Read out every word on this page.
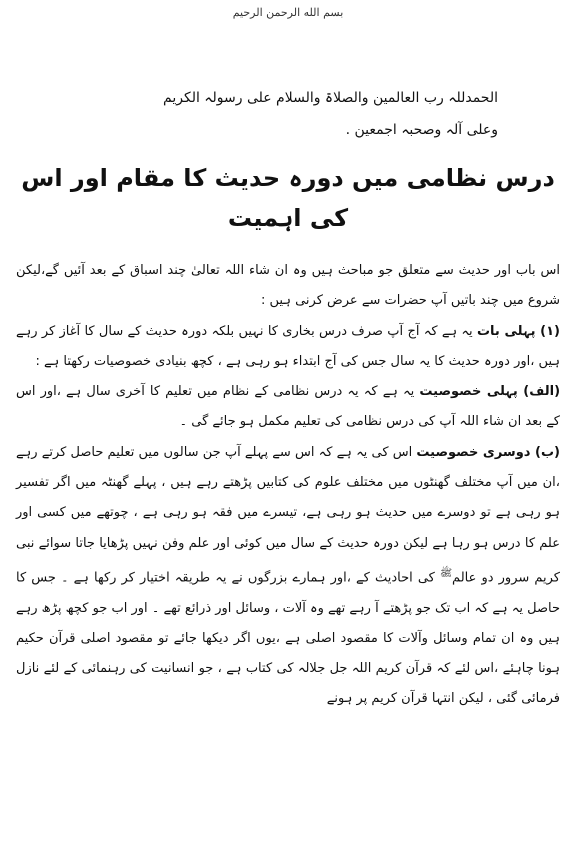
بسم الله الرحمن الرحيم
الحمدللہ رب العالمین والصلاۃ والسلام علی رسولہ الکریم
وعلی آلہ وصحبہ اجمعین .
درس نظامی میں دورہ حدیث کا مقام اور اس کی اہمیت

اس باب اور حدیث سے متعلق جو مباحث ہیں وہ ان شاء اللہ تعالیٰ چند اسباق کے بعد آئیں گے،لیکن شروع میں چند باتیں آپ حضرات سے عرض کرنی ہیں :

(۱) پہلی بات یہ ہے کہ آج آپ صرف درس بخاری کا نہیں بلکہ دورہ حدیث کے سال کا آغاز کر رہے ہیں ،اور دورہ حدیث کا یہ سال جس کی آج ابتداء ہو رہی ہے ، کچھ بنیادی خصوصیات رکھتا ہے :

(الف) پہلی خصوصیت یہ ہے کہ یہ درس نظامی کے نظام میں تعلیم کا آخری سال ہے ،اور اس کے بعد ان شاء اللہ آپ کی درس نظامی کی تعلیم مکمل ہو جائے گی ۔

(ب) دوسری خصوصیت اس کی یہ ہے کہ اس سے پہلے آپ جن سالوں میں تعلیم حاصل کرتے رہے ،ان میں آپ مختلف گھنٹوں میں مختلف علوم کی کتابیں پڑھتے رہے ہیں ، پہلے گھنٹہ میں اگر تفسیر ہو رہی ہے تو دوسرے میں حدیث ہو رہی ہے، تیسرے میں فقہ ہو رہی ہے ، چوتھے میں کسی اور علم کا درس ہو رہا ہے لیکن دورہ حدیث کے سال میں کوئی اور علم وفن نہیں پڑھایا جاتا سوائے نبی کریم سرور دو عالم$^ﷺ$ کی احادیث کے ،اور ہمارے بزرگوں نے یہ طریقہ اختیار کر رکھا ہے ۔ جس کا حاصل یہ ہے کہ اب تک جو پڑھتے آ رہے تھے وہ آلات ، وسائل اور ذرائع تھے ۔ اور اب جو کچھ پڑھ رہے ہیں وہ ان تمام وسائل وآلات کا مقصود اصلی ہے ،یوں اگر دیکھا جائے تو مقصود اصلی قرآن حکیم ہونا چاہئے ،اس لئے کہ قرآن کریم اللہ جل جلالہ کی کتاب ہے ، جو انسانیت کی رہنمائی کے لئے نازل فرمائی گئی ، لیکن انتہا قرآن کریم پر ہونے
